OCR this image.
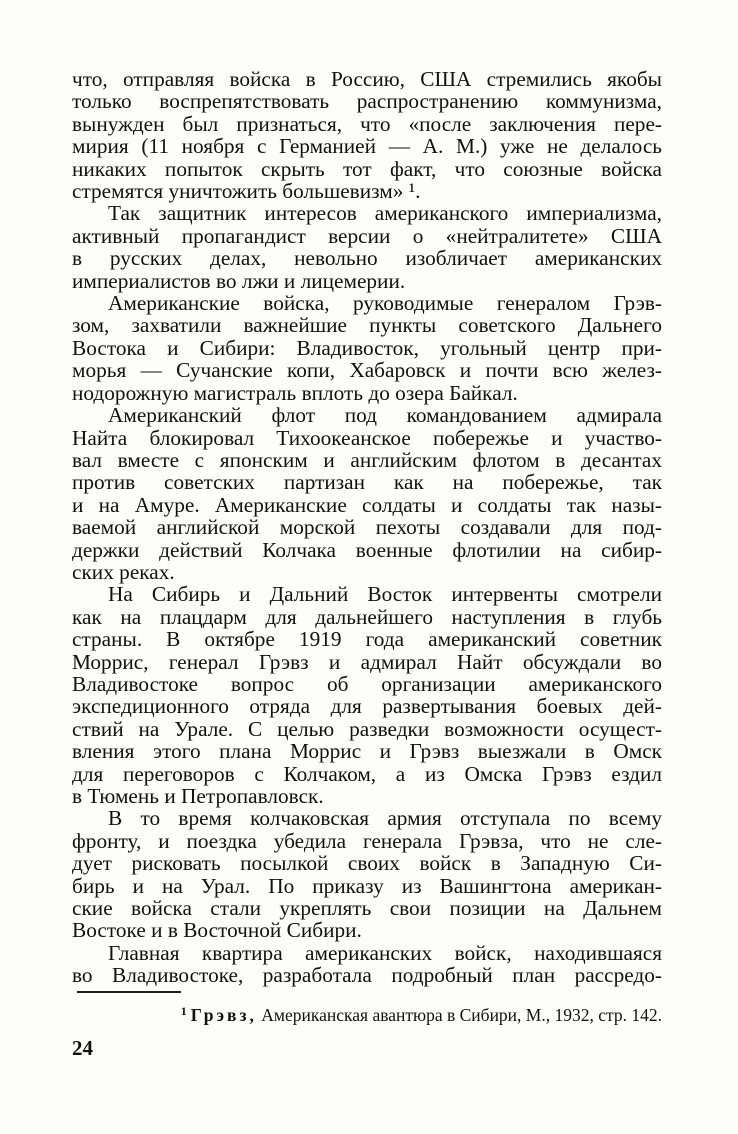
что, отправляя войска в Россию, США стремились якобы
только воспрепятствовать распространению коммунизма,
вынужден был признаться, что «после заключения пере-
мирия (11 ноября с Германией — А. М.) уже не делалось
никаких попыток скрыть тот факт, что союзные войска
стремятся уничтожить большевизм» ¹.

Так защитник интересов американского империализма,
активный пропагандист версии о «нейтралитете» США
в русских делах, невольно изобличает американских
империалистов во лжи и лицемерии.

Американские войска, руководимые генералом Грэв-
зом, захватили важнейшие пункты советского Дальнего
Востока и Сибири: Владивосток, угольный центр при-
морья — Сучанские копи, Хабаровск и почти всю желез-
нодорожную магистраль вплоть до озера Байкал.

Американский флот под командованием адмирала
Найта блокировал Тихоокеанское побережье и участво-
вал вместе с японским и английским флотом в десантах
против советских партизан как на побережье, так
и на Амуре. Американские солдаты и солдаты так назы-
ваемой английской морской пехоты создавали для под-
держки действий Колчака военные флотилии на сибир-
ских реках.

На Сибирь и Дальний Восток интервенты смотрели
как на плацдарм для дальнейшего наступления в глубь
страны. В октябре 1919 года американский советник
Моррис, генерал Грэвз и адмирал Найт обсуждали во
Владивостоке вопрос об организации американского
экспедиционного отряда для развертывания боевых дей-
ствий на Урале. С целью разведки возможности осущест-
вления этого плана Моррис и Грэвз выезжали в Омск
для переговоров с Колчаком, а из Омска Грэвз ездил
в Тюмень и Петропавловск.

В то время колчаковская армия отступала по всему
фронту, и поездка убедила генерала Грэвза, что не сле-
дует рисковать посылкой своих войск в Западную Си-
бирь и на Урал. По приказу из Вашингтона американ-
ские войска стали укреплять свои позиции на Дальнем
Востоке и в Восточной Сибири.

Главная квартира американских войск, находившаяся
во Владивостоке, разработала подробный план рассредо-

$^1$ Грэвз, Американская авантюра в Сибири, М., 1932, стр. 142.
24
